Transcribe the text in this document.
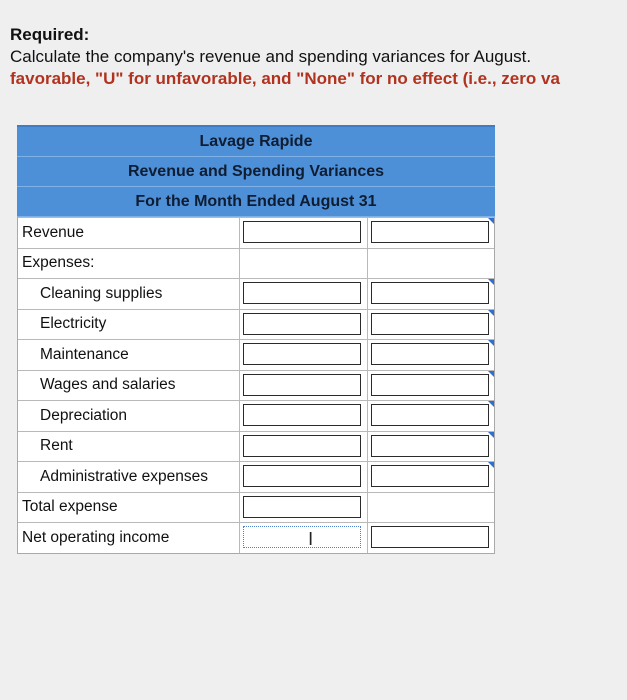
Required:
Calculate the company's revenue and spending variances for August.
favorable, "U" for unfavorable, and "None" for no effect (i.e., zero va
Lavage Rapide
Revenue and Spending Variances
For the Month Ended August 31
Revenue
Expenses:
Cleaning supplies
Electricity
Maintenance
Wages and salaries
Depreciation
Rent
Administrative expenses
Total expense
Net operating income	I
